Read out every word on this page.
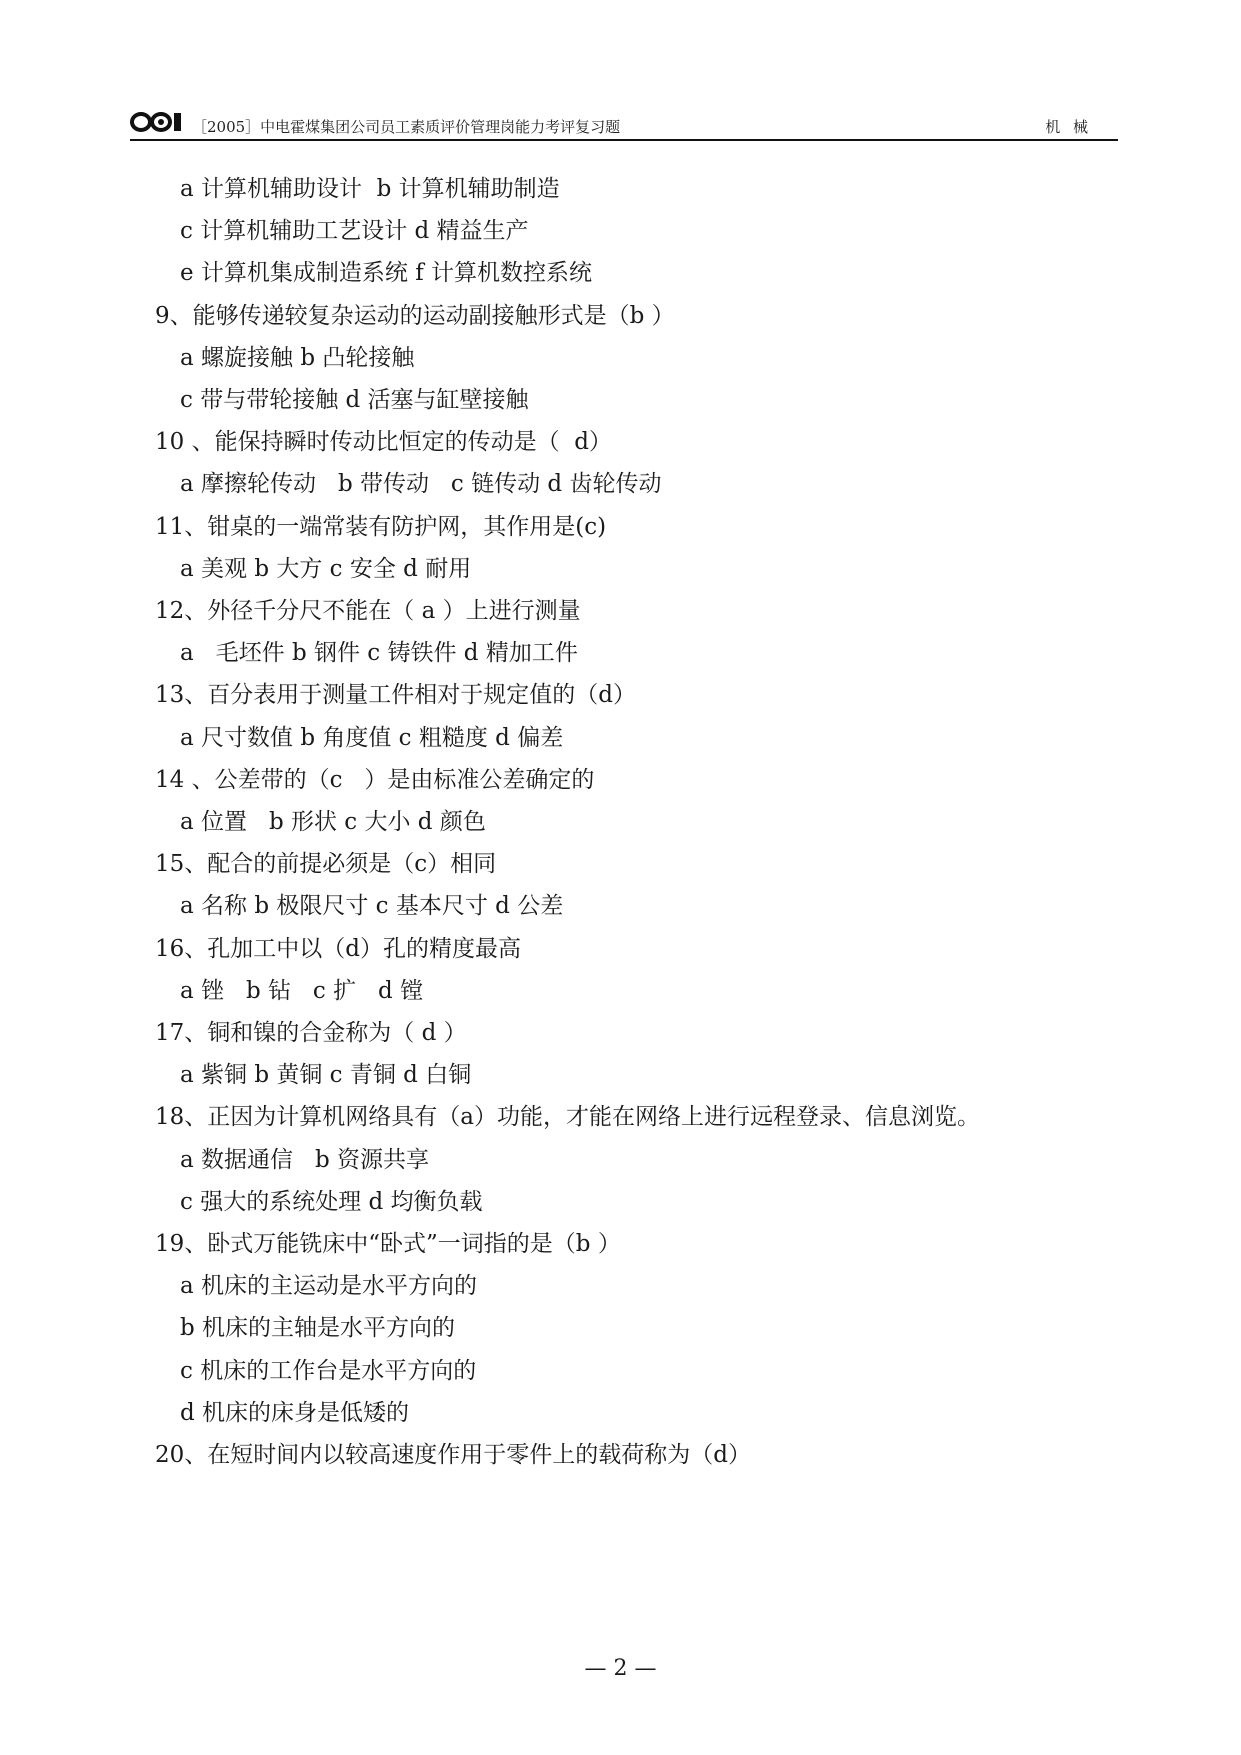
［2005］中电霍煤集团公司员工素质评价管理岗能力考评复习题	机 械
a 计算机辅助设计  b 计算机辅助制造
c 计算机辅助工艺设计 d 精益生产
e 计算机集成制造系统 f 计算机数控系统
9、能够传递较复杂运动的运动副接触形式是（b ）
a 螺旋接触 b 凸轮接触
c 带与带轮接触 d 活塞与缸壁接触
10 、能保持瞬时传动比恒定的传动是（  d）
a 摩擦轮传动   b 带传动   c 链传动 d 齿轮传动
11、钳桌的一端常装有防护网，其作用是(c)
a 美观 b 大方 c 安全 d 耐用
12、外径千分尺不能在（ a ）上进行测量
a   毛坯件 b 钢件 c 铸铁件 d 精加工件
13、百分表用于测量工件相对于规定值的（d）
a 尺寸数值 b 角度值 c 粗糙度 d 偏差
14 、公差带的（c   ）是由标准公差确定的
a 位置   b 形状 c 大小 d 颜色
15、配合的前提必须是（c）相同
a 名称 b 极限尺寸 c 基本尺寸 d 公差
16、孔加工中以（d）孔的精度最高
a 锉   b 钻   c 扩   d 镗
17、铜和镍的合金称为（ d ）
a 紫铜 b 黄铜 c 青铜 d 白铜
18、正因为计算机网络具有（a）功能，才能在网络上进行远程登录、信息浏览。
a 数据通信   b 资源共享
c 强大的系统处理 d 均衡负载
19、卧式万能铣床中“卧式”一词指的是（b ）
a 机床的主运动是水平方向的
b 机床的主轴是水平方向的
c 机床的工作台是水平方向的
d 机床的床身是低矮的
20、在短时间内以较高速度作用于零件上的载荷称为（d）
— 2 —
